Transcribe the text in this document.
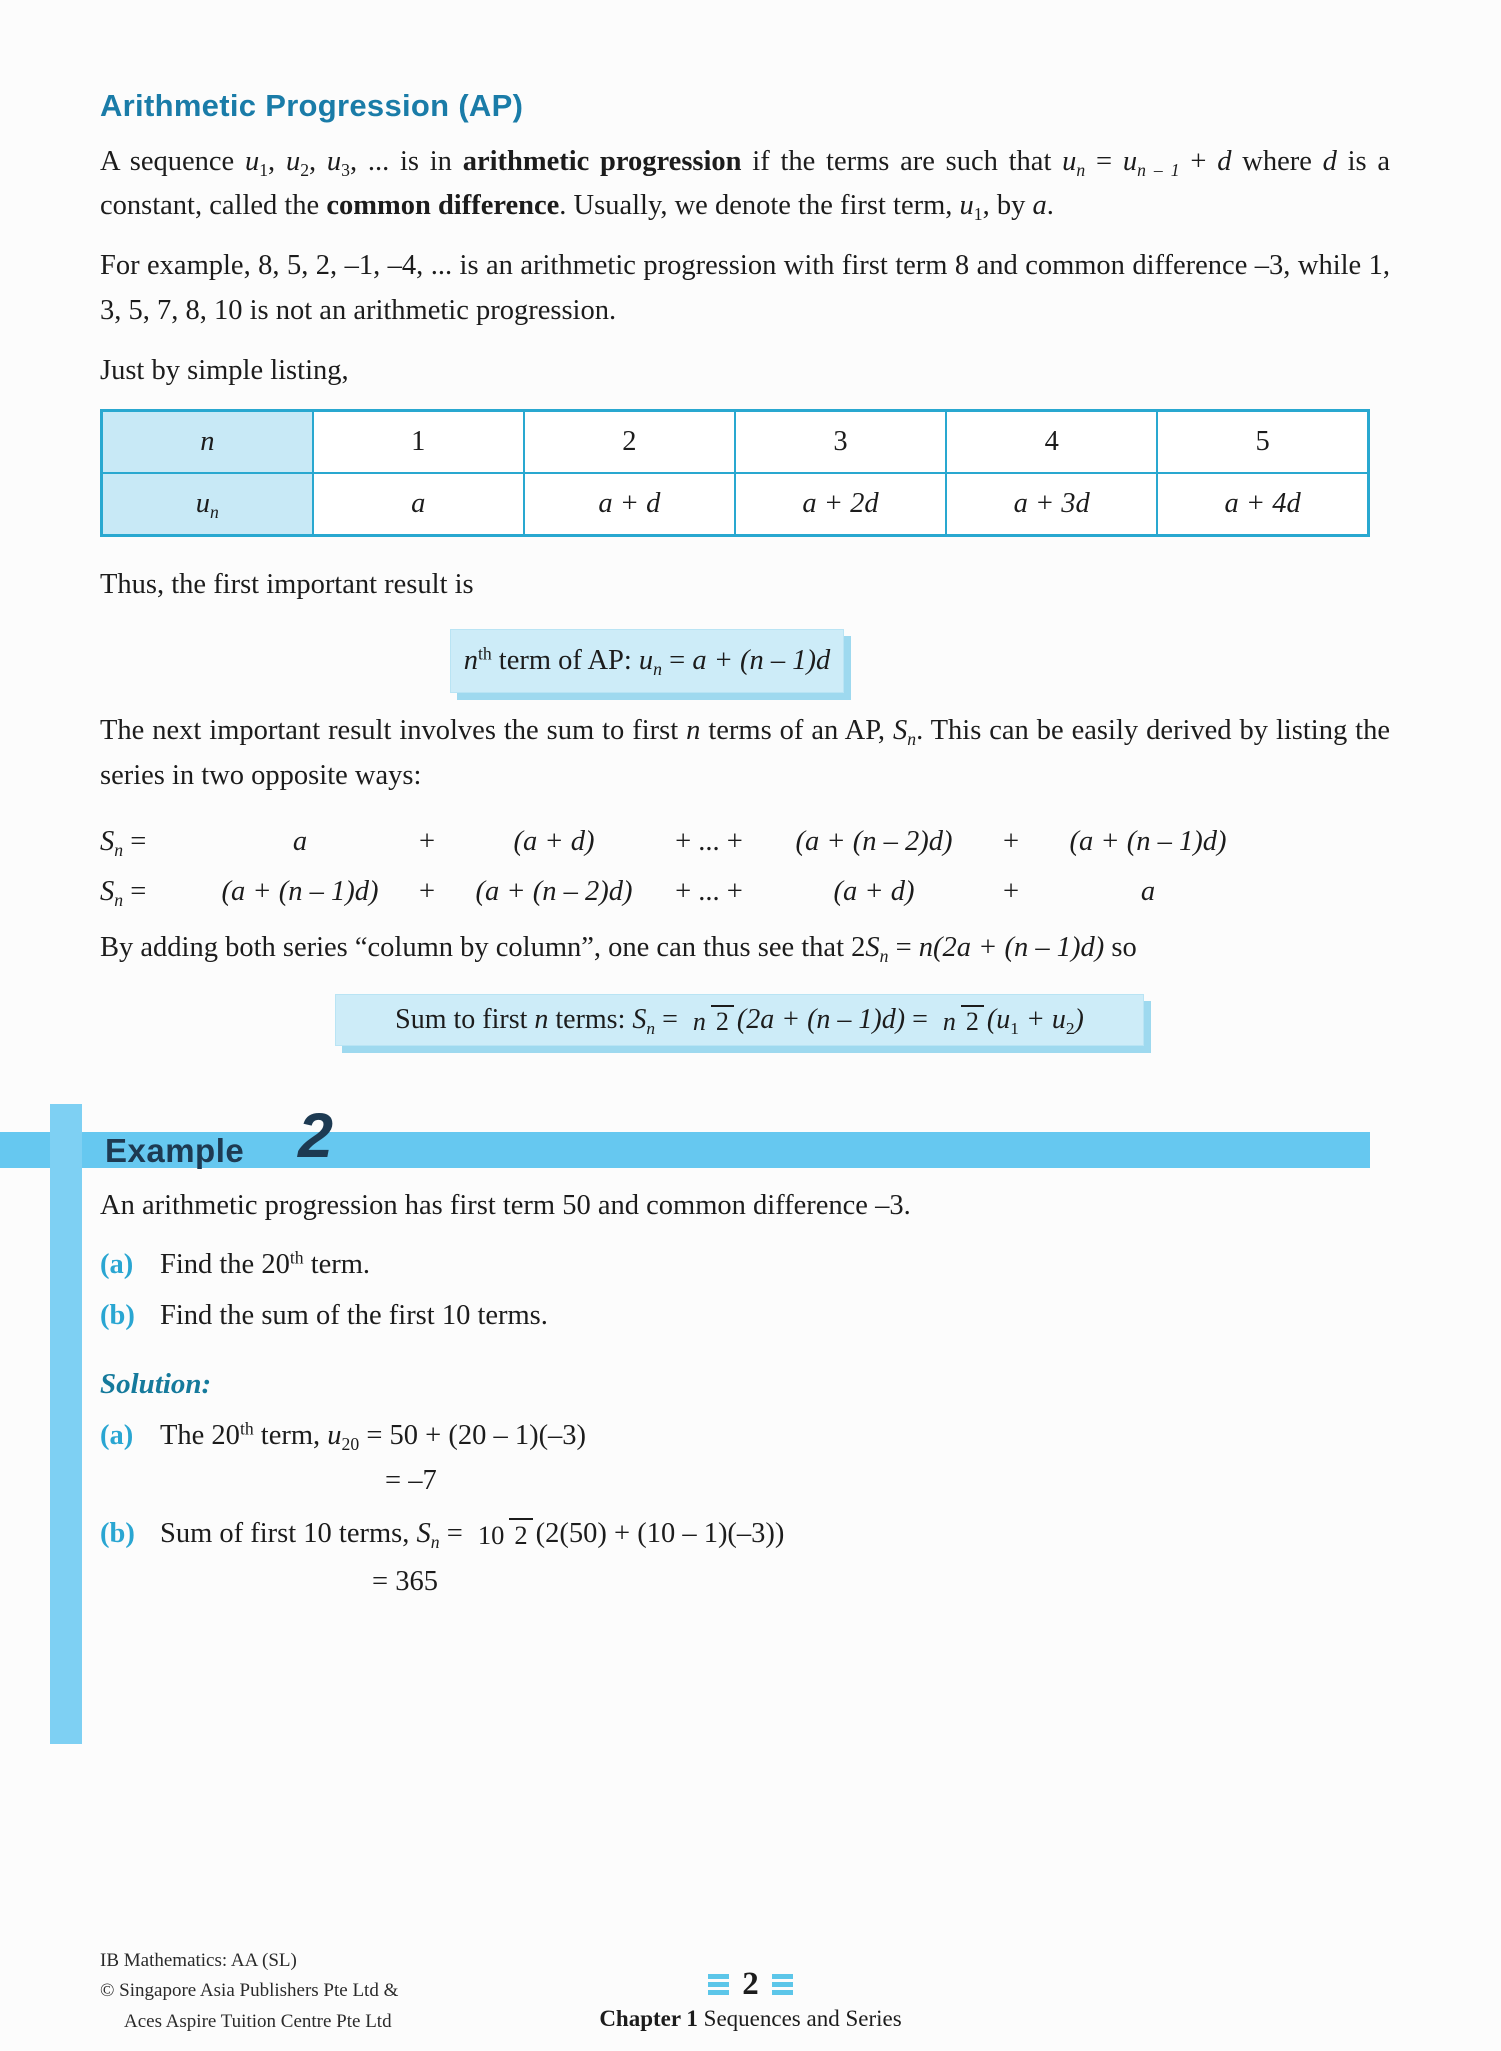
Arithmetic Progression (AP)

A sequence $u_1$, $u_2$, $u_3$, ... is in arithmetic progression if the terms are such that $u_n = u_{n - 1} + d$ where d is a constant, called the common difference. Usually, we denote the first term, $u_1$, by a.

For example, 8, 5, 2, –1, –4, ... is an arithmetic progression with first term 8 and common difference –3, while 1, 3, 5, 7, 8, 10 is not an arithmetic progression.

Just by simple listing,

n	1	2	3	4	5
$u_n$	a	a + d	a + 2d	a + 3d	a + 4d

Thus, the first important result is

$n^{th}$ term of AP: $u_n = a + (n - 1)d$

The next important result involves the sum to first n terms of an AP, $S_n$. This can be easily derived by listing the series in two opposite ways:

$S_n$ =	a	+	(a + d)	+ ... + (a + (n – 2)d) + (a + (n – 1)d)
$S_n$ =	(a + (n – 1)d) + (a + (n – 2)d) + ... +	(a + d)	+	a

By adding both series “column by column”, one can thus see that $2S_n = n(2a + (n - 1)d)$ so

Sum to first n terms: $S_n = n$ 2 (2a + (n – 1)d) = n 2 $(u_1 + u_2)$
Example 2

An arithmetic progression has first term 50 and common difference –3.

(a) Find the 20th term.
(b) Find the sum of the first 10 terms.
Solution:
(a) The 20th term, $u_{20} = 50 + (20 - 1)(-3)$
= –7
(b) Sum of first 10 terms, $S_n = 10$ 2 (2(50) + (10 – 1)(–3))
= 365
IB Mathematics: AA (SL)
© Singapore Asia Publishers Pte Ltd &
Aces Aspire Tuition Centre Pte Ltd
2
Chapter 1 Sequences and Series
